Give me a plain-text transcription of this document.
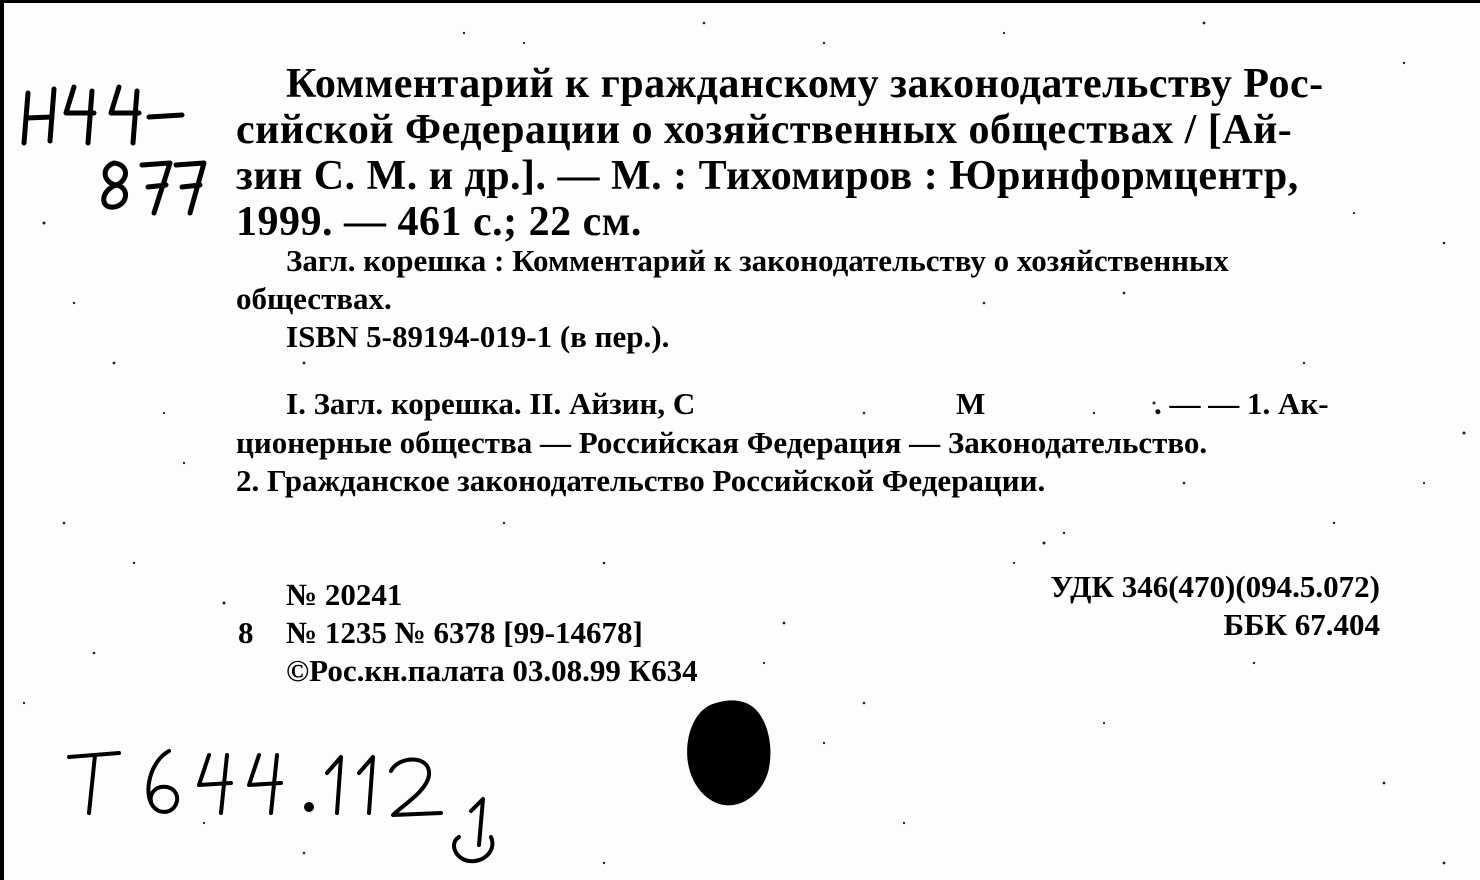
Комментарий к гражданскому законодательству Рос-
сийской Федерации о хозяйственных обществах / [Ай-
зин С. М. и др.]. — М. : Тихомиров : Юринформцентр,
1999. — 461 с.; 22 см.
Загл. корешка : Комментарий к законодательству о хозяйственных
обществах.
ISBN 5-89194-019-1 (в пер.).
I. Загл. корешка. II. Айзин, С	М	. — — 1. Ак-
ционерные общества — Российская Федерация — Законодательство.
2. Гражданское законодательство Российской Федерации.
№ 20241
8 № 1235 № 6378 [99-14678]
©Рос.кн.палата 03.08.99 К634
УДК 346(470)(094.5.072)
ББК 67.404
